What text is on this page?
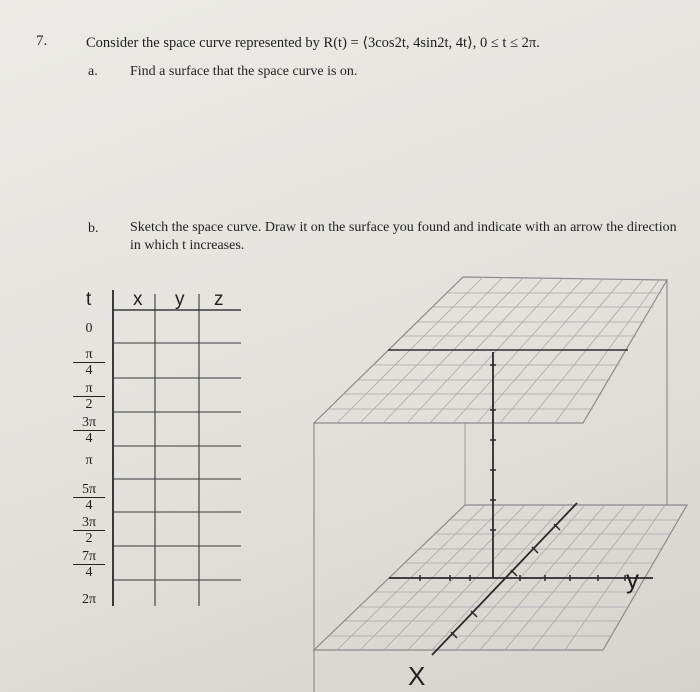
7.	Consider the space curve represented by R(t) = ⟨3cos2t, 4sin2t, 4t⟩, 0 ≤ t ≤ 2π.
a. Find a surface that the space curve is on.
b. Sketch the space curve. Draw it on the surface you found and indicate with an arrow the direction in which t increases.
t x y z
0
$\frac{\pi}{4}$
$\frac{\pi}{2}$
$\frac{3\pi}{4}$
π
$\frac{5\pi}{4}$
$\frac{3\pi}{2}$
$\frac{7\pi}{4}$
2π
y
X
